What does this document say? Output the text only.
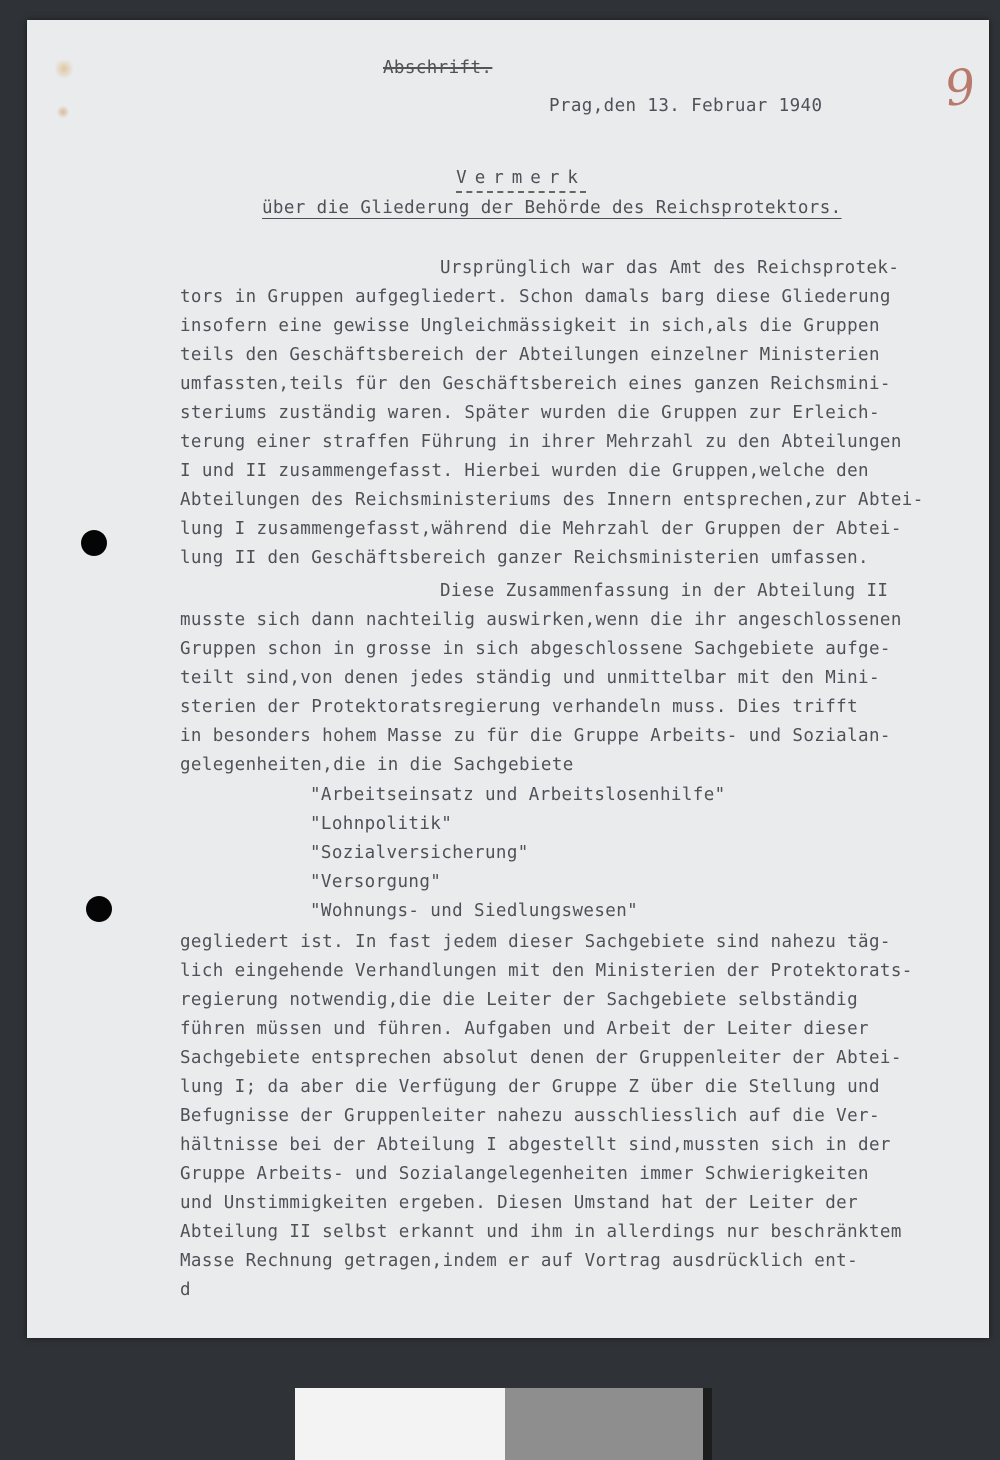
9
Abschrift.
Prag,den 13. Februar 1940

Vermerk

über die Gliederung der Behörde des Reichsprotektors.
Ursprünglich war das Amt des Reichsprotek-
tors in Gruppen aufgegliedert. Schon damals barg diese Gliederung
insofern eine gewisse Ungleichmässigkeit in sich,als die Gruppen
teils den Geschäftsbereich der Abteilungen einzelner Ministerien
umfassten,teils für den Geschäftsbereich eines ganzen Reichsmini-
steriums zuständig waren. Später wurden die Gruppen zur Erleich-
terung einer straffen Führung in ihrer Mehrzahl zu den Abteilungen
I und II zusammengefasst. Hierbei wurden die Gruppen,welche den
Abteilungen des Reichsministeriums des Innern entsprechen,zur Abtei-
lung I zusammengefasst,während die Mehrzahl der Gruppen der Abtei-
lung II den Geschäftsbereich ganzer Reichsministerien umfassen.
Diese Zusammenfassung in der Abteilung II
musste sich dann nachteilig auswirken,wenn die ihr angeschlossenen
Gruppen schon in grosse in sich abgeschlossene Sachgebiete aufge-
teilt sind,von denen jedes ständig und unmittelbar mit den Mini-
sterien der Protektoratsregierung verhandeln muss. Dies trifft
in besonders hohem Masse zu für die Gruppe Arbeits- und Sozialan-
gelegenheiten,die in die Sachgebiete
"Arbeitseinsatz und Arbeitslosenhilfe"
"Lohnpolitik"
"Sozialversicherung"
"Versorgung"
"Wohnungs- und Siedlungswesen"
gegliedert ist. In fast jedem dieser Sachgebiete sind nahezu täg-
lich eingehende Verhandlungen mit den Ministerien der Protektorats-
regierung notwendig,die die Leiter der Sachgebiete selbständig
führen müssen und führen. Aufgaben und Arbeit der Leiter dieser
Sachgebiete entsprechen absolut denen der Gruppenleiter der Abtei-
lung I; da aber die Verfügung der Gruppe Z über die Stellung und
Befugnisse der Gruppenleiter nahezu ausschliesslich auf die Ver-
hältnisse bei der Abteilung I abgestellt sind,mussten sich in der
Gruppe Arbeits- und Sozialangelegenheiten immer Schwierigkeiten
und Unstimmigkeiten ergeben. Diesen Umstand hat der Leiter der
Abteilung II selbst erkannt und ihm in allerdings nur beschränktem
Masse Rechnung getragen,indem er auf Vortrag ausdrücklich ent-
d
